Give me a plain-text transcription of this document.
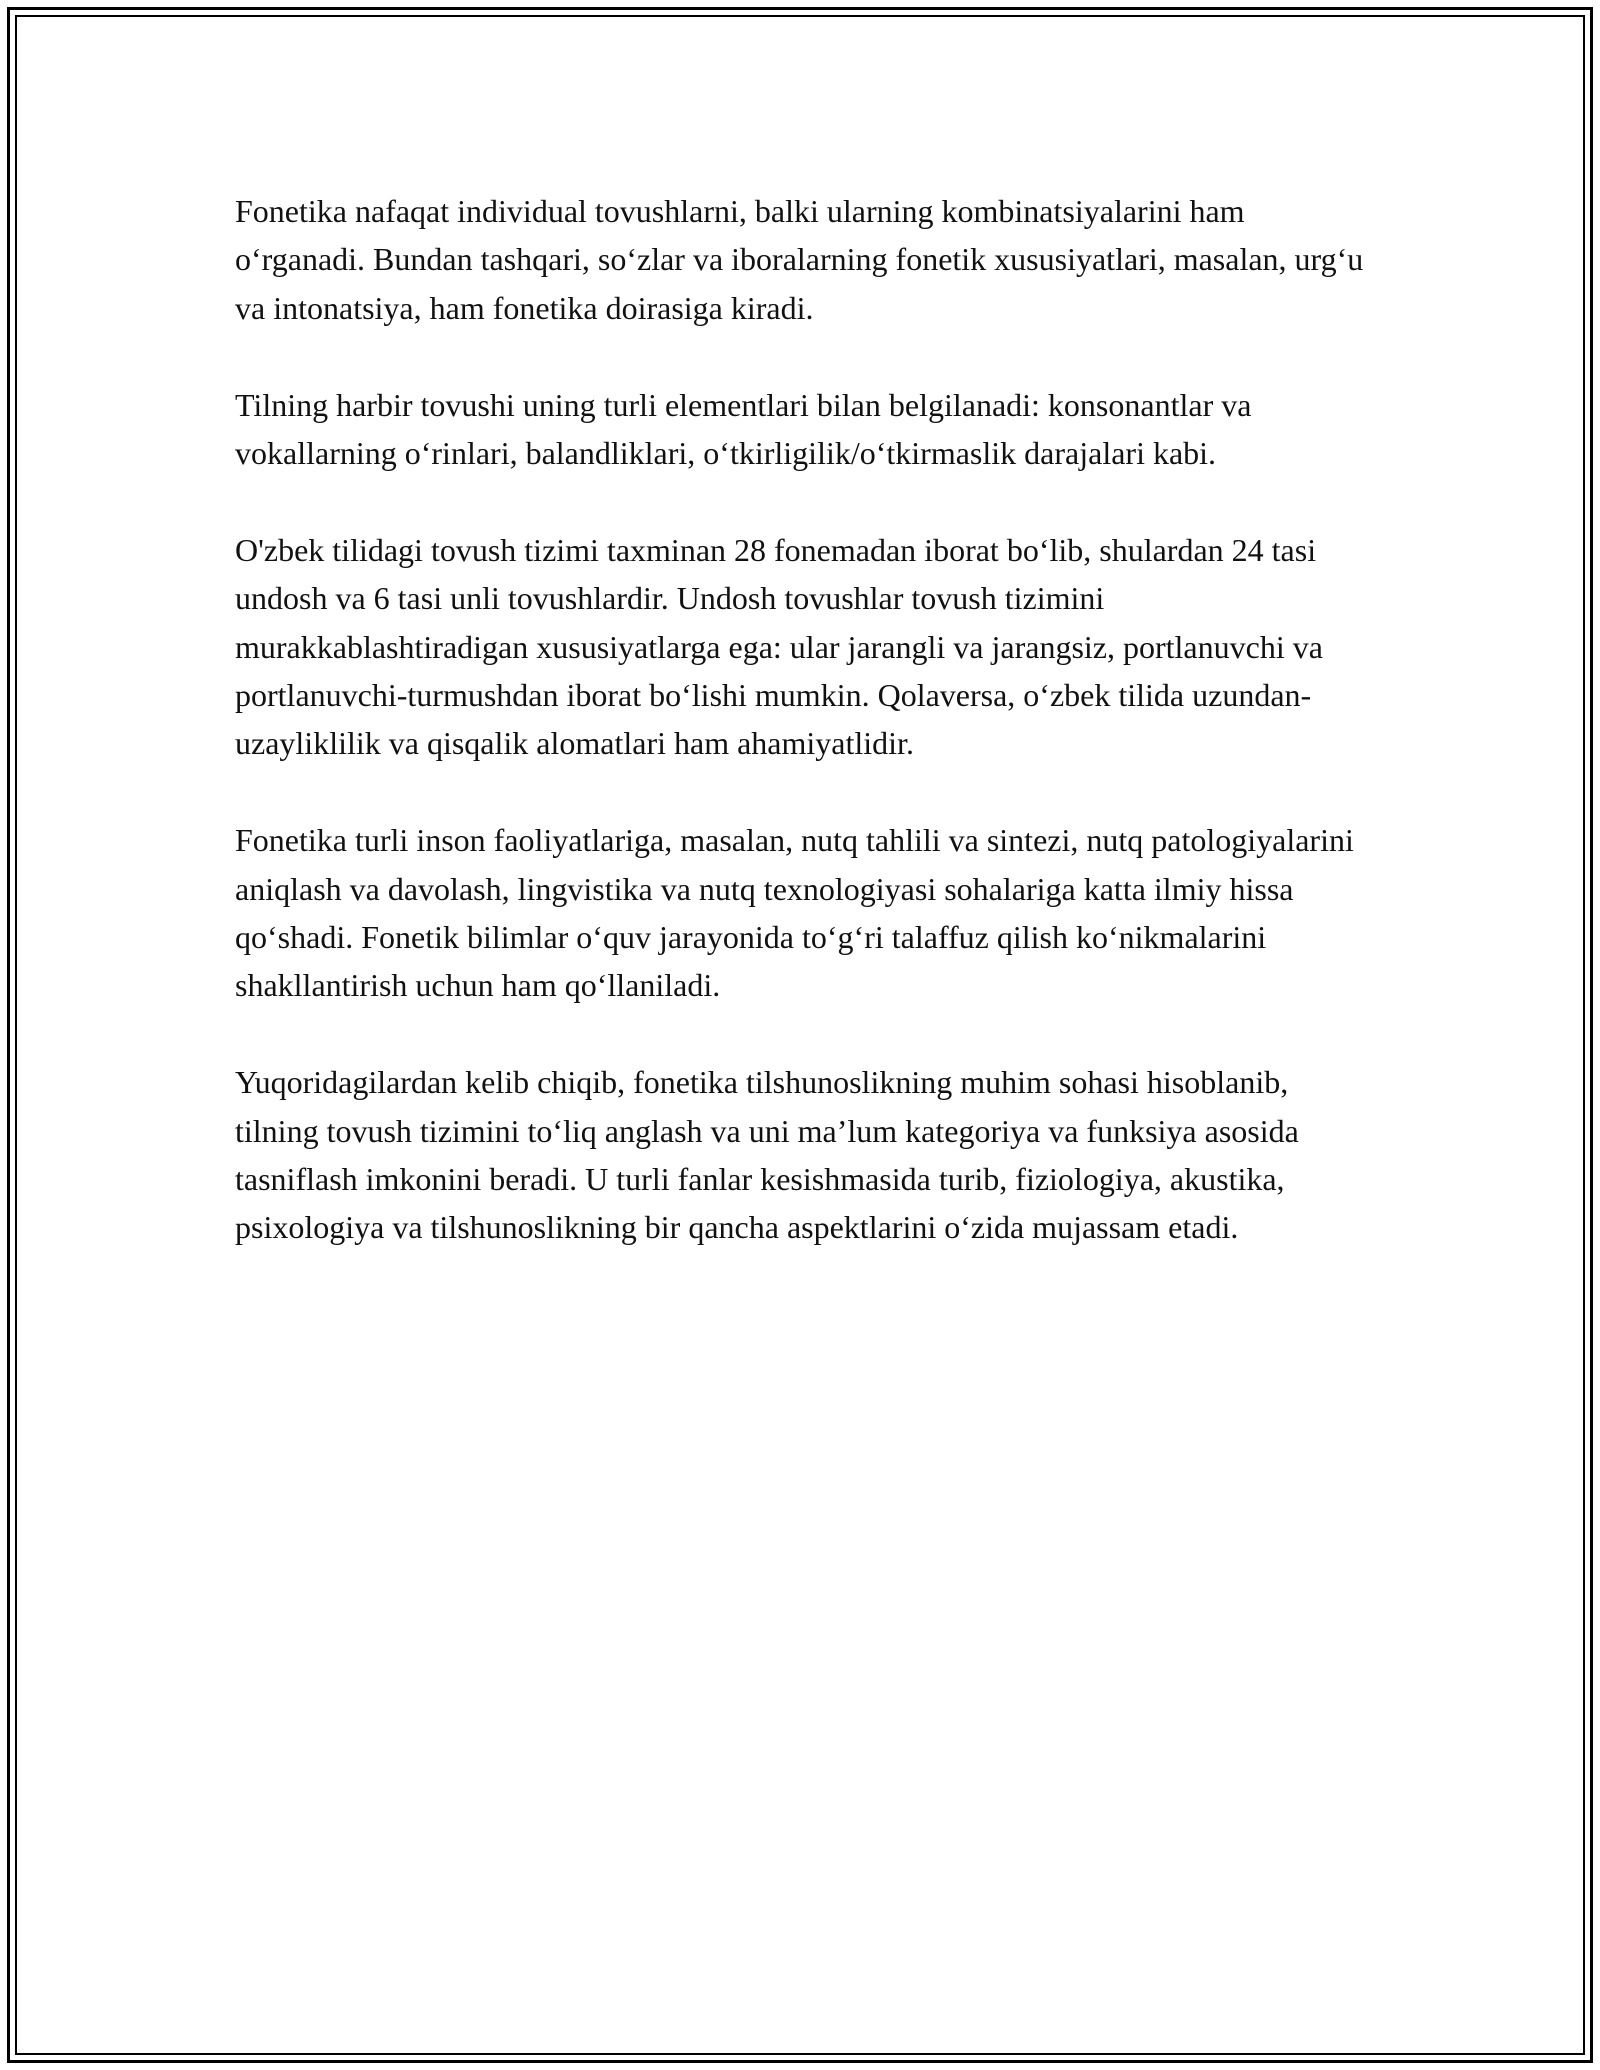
Fonetika nafaqat individual tovushlarni, balki ularning kombinatsiyalarini ham o‘rganadi. Bundan tashqari, so‘zlar va iboralarning fonetik xususiyatlari, masalan, urg‘u va intonatsiya, ham fonetika doirasiga kiradi.

Tilning harbir tovushi uning turli elementlari bilan belgilanadi: konsonantlar va vokallarning o‘rinlari, balandliklari, o‘tkirligilik/o‘tkirmaslik darajalari kabi.

O'zbek tilidagi tovush tizimi taxminan 28 fonemadan iborat bo‘lib, shulardan 24 tasi undosh va 6 tasi unli tovushlardir. Undosh tovushlar tovush tizimini murakkablashtiradigan xususiyatlarga ega: ular jarangli va jarangsiz, portlanuvchi va portlanuvchi-turmushdan iborat bo‘lishi mumkin. Qolaversa, o‘zbek tilida uzundan-uzayliklilik va qisqalik alomatlari ham ahamiyatlidir.

Fonetika turli inson faoliyatlariga, masalan, nutq tahlili va sintezi, nutq patologiyalarini aniqlash va davolash, lingvistika va nutq texnologiyasi sohalariga katta ilmiy hissa qo‘shadi. Fonetik bilimlar o‘quv jarayonida to‘g‘ri talaffuz qilish ko‘nikmalarini shakllantirish uchun ham qo‘llaniladi.

Yuqoridagilardan kelib chiqib, fonetika tilshunoslikning muhim sohasi hisoblanib, tilning tovush tizimini to‘liq anglash va uni ma’lum kategoriya va funksiya asosida tasniflash imkonini beradi. U turli fanlar kesishmasida turib, fiziologiya, akustika, psixologiya va tilshunoslikning bir qancha aspektlarini o‘zida mujassam etadi.
